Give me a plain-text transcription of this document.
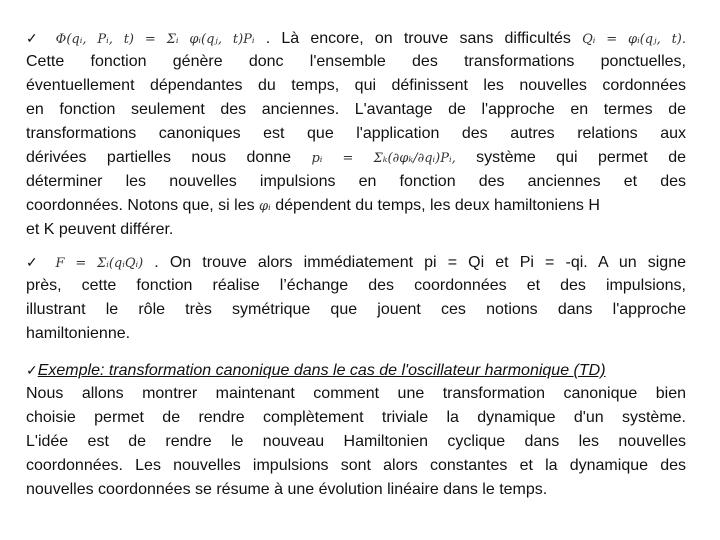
✓ Φ(qᵢ, Pᵢ, t) = Σᵢ φᵢ(qⱼ, t)Pᵢ . Là encore, on trouve sans difficultés Qᵢ = φᵢ(qⱼ, t).
Cette fonction génère donc l'ensemble des transformations ponctuelles,
éventuellement dépendantes du temps, qui définissent les nouvelles cordonnées
en fonction seulement des anciennes. L'avantage de l'approche en termes de
transformations canoniques est que l'application des autres relations aux
dérivées partielles nous donne pᵢ = Σₖ(∂φₖ/∂qᵢ)Pᵢ, système qui permet de
déterminer les nouvelles impulsions en fonction des anciennes et des
coordonnées. Notons que, si les φᵢ dépendent du temps, les deux hamiltoniens H
et K peuvent différer.
✓ F = Σᵢ(qᵢQᵢ) . On trouve alors immédiatement pi = Qi et Pi = -qi. A un signe
près, cette fonction réalise l’échange des coordonnées et des impulsions,
illustrant le rôle très symétrique que jouent ces notions dans l'approche
hamiltonienne.
✓Exemple: transformation canonique dans le cas de l'oscillateur harmonique (TD)
Nous allons montrer maintenant comment une transformation canonique bien
choisie permet de rendre complètement triviale la dynamique d'un système.
L'idée est de rendre le nouveau Hamiltonien cyclique dans les nouvelles
coordonnées. Les nouvelles impulsions sont alors constantes et la dynamique des
nouvelles coordonnées se résume à une évolution linéaire dans le temps.
